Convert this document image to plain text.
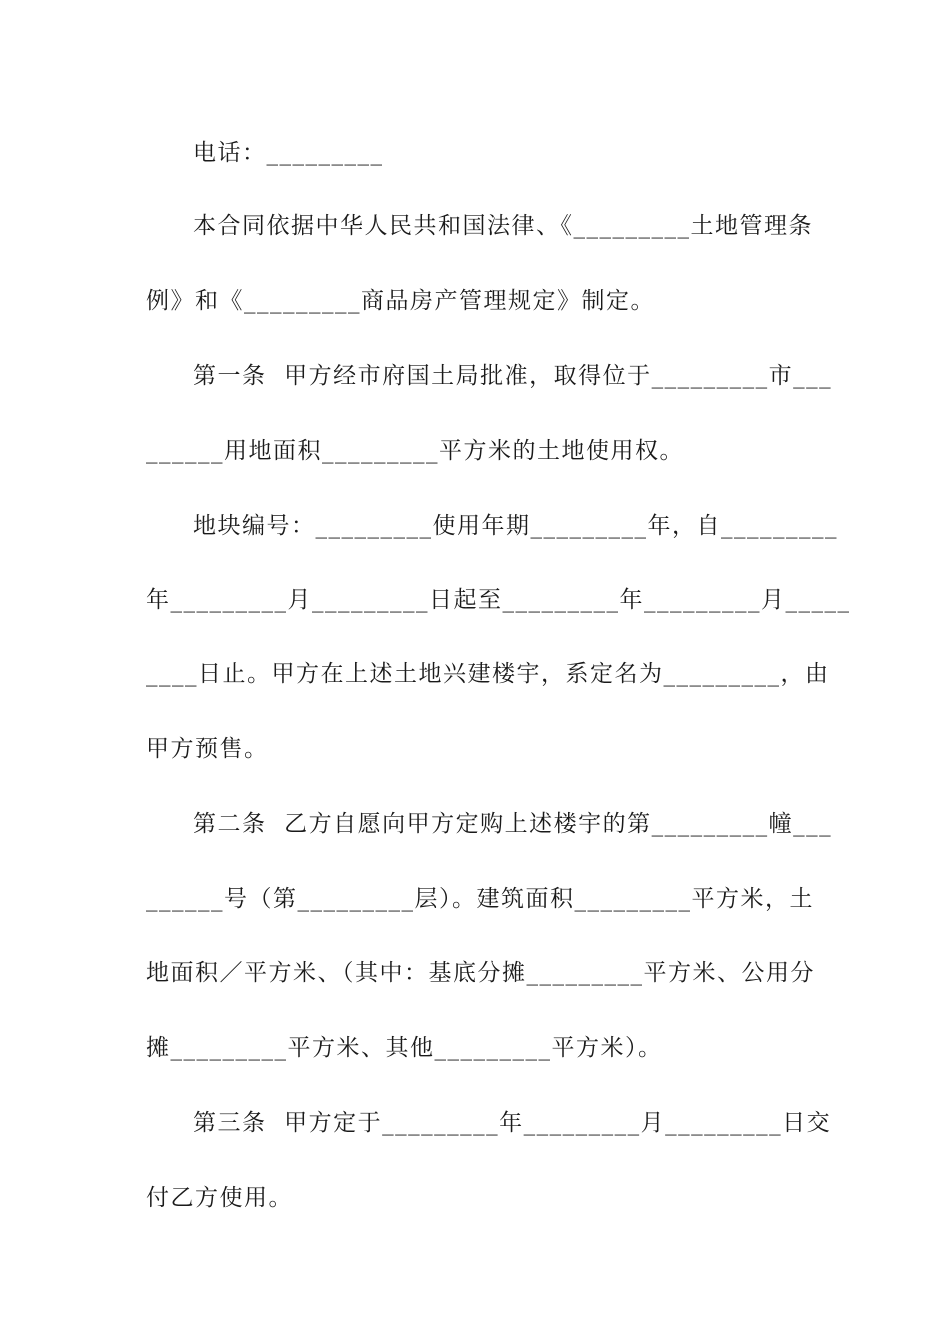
电话：_________
本合同依据中华人民共和国法律、《_________土地管理条
例》和《_________商品房产管理规定》制定。
第一条  甲方经市府国土局批准，取得位于_________市___
______用地面积_________平方米的土地使用权。
地块编号：_________使用年期_________年，自_________
年_________月_________日起至_________年_________月_____
____日止。甲方在上述土地兴建楼宇，系定名为_________，由
甲方预售。
第二条  乙方自愿向甲方定购上述楼宇的第_________幢___
______号（第_________层）。建筑面积_________平方米，土
地面积／平方米、（其中：基底分摊_________平方米、公用分
摊_________平方米、其他_________平方米）。
第三条  甲方定于_________年_________月_________日交
付乙方使用。
